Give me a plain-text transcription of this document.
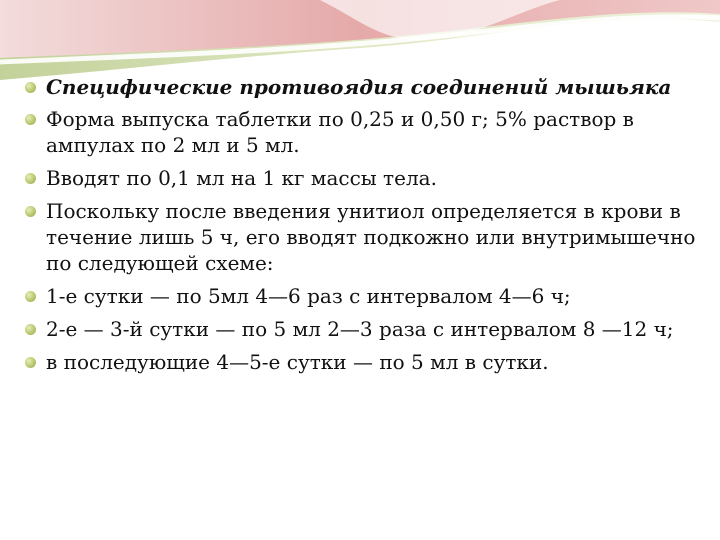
Специфические противоядия соединений мышьяка
Форма выпуска таблетки по 0,25 и 0,50 г; 5% раствор в ампулах по 2 мл и 5 мл.
Вводят по 0,1 мл на 1 кг массы тела.
Поскольку после введения унитиол определяется в крови в течение лишь 5 ч, его вводят подкожно или внутримышечно по следующей схеме:
1-е сутки — по 5мл 4—6 раз с интервалом 4—6 ч;
2-е — 3-й сутки — по 5 мл 2—3 раза с интервалом 8 —12 ч;
в последующие 4—5-е сутки — по 5 мл в сутки.
